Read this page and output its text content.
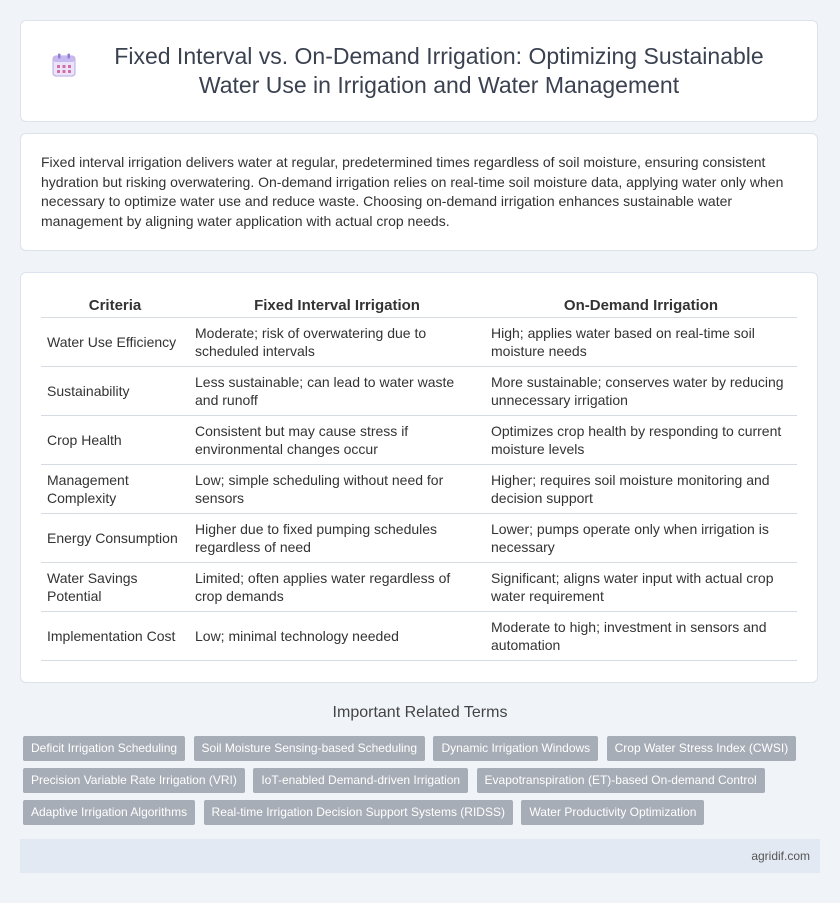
Fixed Interval vs. On-Demand Irrigation: Optimizing Sustainable Water Use in Irrigation and Water Management

Fixed interval irrigation delivers water at regular, predetermined times regardless of soil moisture, ensuring consistent hydration but risking overwatering. On-demand irrigation relies on real-time soil moisture data, applying water only when necessary to optimize water use and reduce waste. Choosing on-demand irrigation enhances sustainable water management by aligning water application with actual crop needs.

Criteria	Fixed Interval Irrigation	On-Demand Irrigation
Water Use Efficiency	Moderate; risk of overwatering due to scheduled intervals	High; applies water based on real-time soil moisture needs
Sustainability	Less sustainable; can lead to water waste and runoff	More sustainable; conserves water by reducing unnecessary irrigation
Crop Health	Consistent but may cause stress if environmental changes occur	Optimizes crop health by responding to current moisture levels
Management Complexity	Low; simple scheduling without need for sensors	Higher; requires soil moisture monitoring and decision support
Energy Consumption	Higher due to fixed pumping schedules regardless of need	Lower; pumps operate only when irrigation is necessary
Water Savings Potential	Limited; often applies water regardless of crop demands	Significant; aligns water input with actual crop water requirement
Implementation Cost	Low; minimal technology needed	Moderate to high; investment in sensors and automation
Important Related Terms
Deficit Irrigation Scheduling Soil Moisture Sensing-based Scheduling Dynamic Irrigation Windows Crop Water Stress Index (CWSI)
Precision Variable Rate Irrigation (VRI) IoT-enabled Demand-driven Irrigation Evapotranspiration (ET)-based On-demand Control
Adaptive Irrigation Algorithms Real-time Irrigation Decision Support Systems (RIDSS) Water Productivity Optimization
agridif.com
